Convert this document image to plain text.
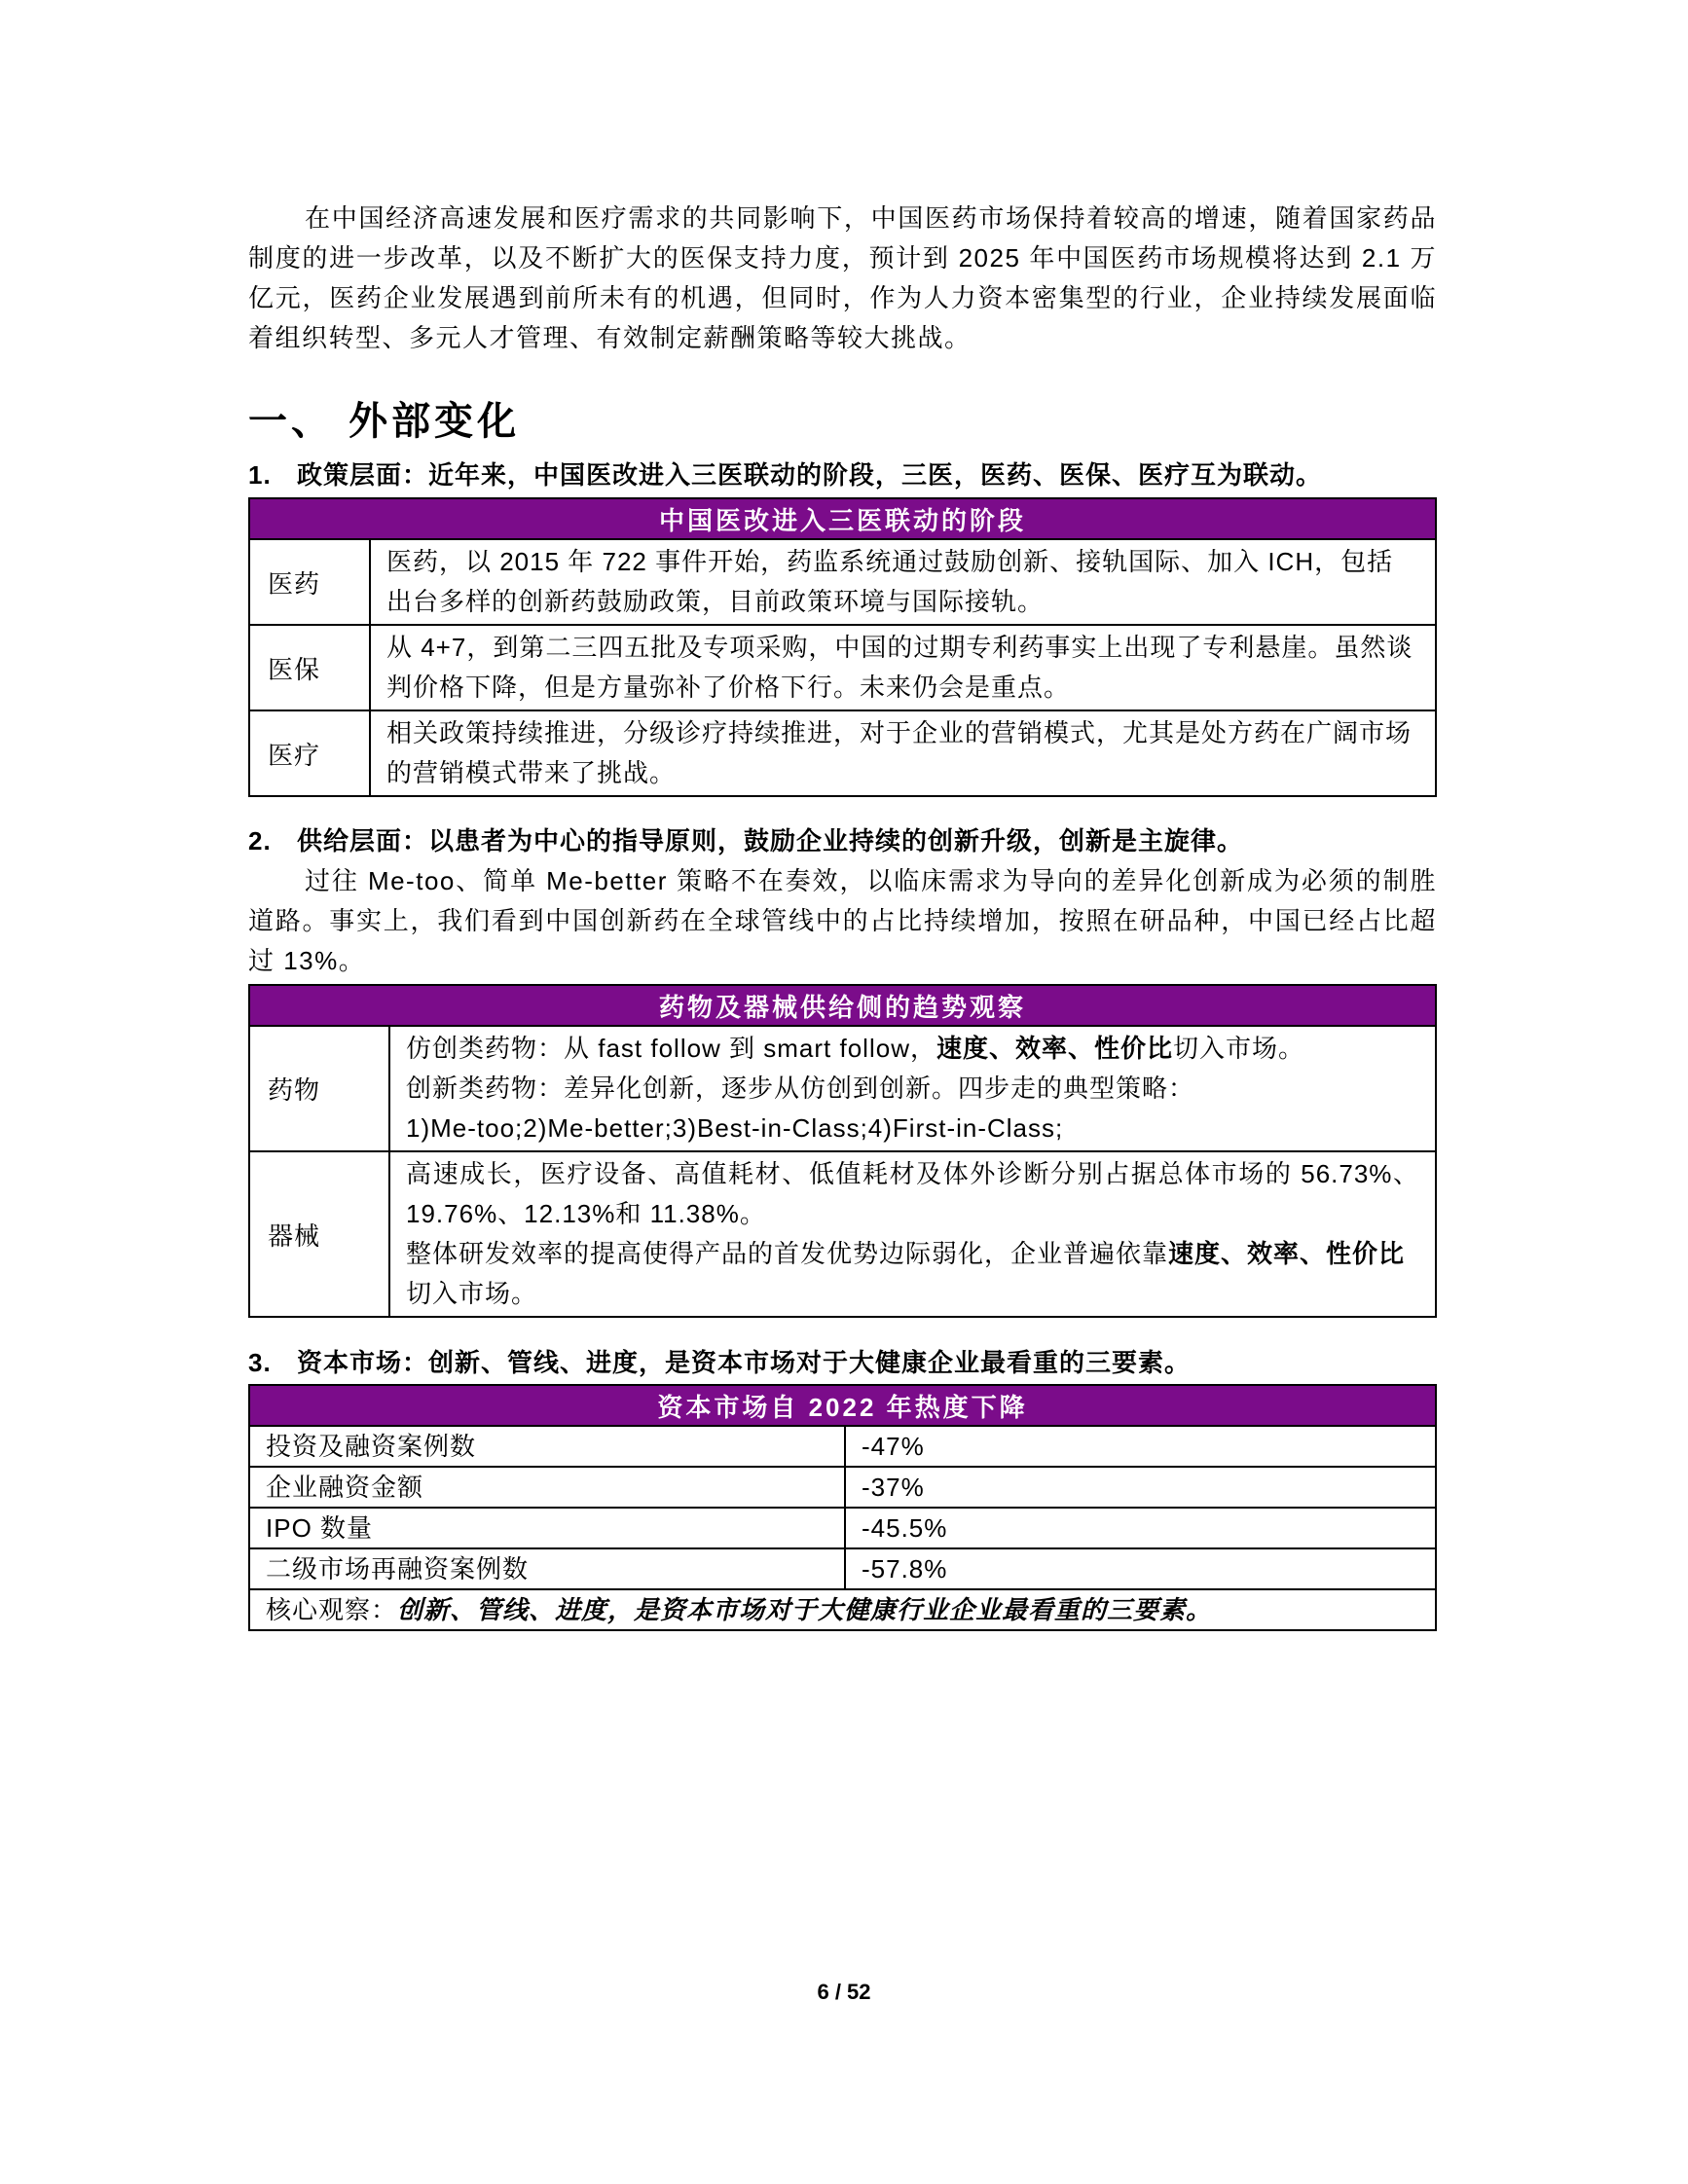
在中国经济高速发展和医疗需求的共同影响下，中国医药市场保持着较高的增速，随着国家药品制度的进一步改革，以及不断扩大的医保支持力度，预计到 2025 年中国医药市场规模将达到 2.1 万亿元，医药企业发展遇到前所未有的机遇，但同时，作为人力资本密集型的行业，企业持续发展面临着组织转型、多元人才管理、有效制定薪酬策略等较大挑战。
一、 外部变化
1. 政策层面：近年来，中国医改进入三医联动的阶段，三医，医药、医保、医疗互为联动。
中国医改进入三医联动的阶段	
医药	医药，以 2015 年 722 事件开始，药监系统通过鼓励创新、接轨国际、加入 ICH，包括出台多样的创新药鼓励政策，目前政策环境与国际接轨。
医保	从 4+7，到第二三四五批及专项采购，中国的过期专利药事实上出现了专利悬崖。虽然谈判价格下降，但是方量弥补了价格下行。未来仍会是重点。
医疗	相关政策持续推进，分级诊疗持续推进，对于企业的营销模式，尤其是处方药在广阔市场的营销模式带来了挑战。
2. 供给层面：以患者为中心的指导原则，鼓励企业持续的创新升级，创新是主旋律。
过往 Me-too、简单 Me-better 策略不在奏效，以临床需求为导向的差异化创新成为必须的制胜道路。事实上，我们看到中国创新药在全球管线中的占比持续增加，按照在研品种，中国已经占比超过 13%。
药物及器械供给侧的趋势观察	
药物	仿创类药物：从 fast follow 到 smart follow，速度、效率、性价比切入市场。
创新类药物：差异化创新，逐步从仿创到创新。四步走的典型策略：
1)Me-too;2)Me-better;3)Best-in-Class;4)First-in-Class;

器械	高速成长，医疗设备、高值耗材、低值耗材及体外诊断分别占据总体市场的 56.73%、19.76%、12.13%和 11.38%。
整体研发效率的提高使得产品的首发优势边际弱化，企业普遍依靠速度、效率、性价比切入市场。
3. 资本市场：创新、管线、进度，是资本市场对于大健康企业最看重的三要素。
资本市场自 2022 年热度下降	
投资及融资案例数	-47%
企业融资金额	-37%
IPO 数量	-45.5%
二级市场再融资案例数	-57.8%
核心观察：创新、管线、进度，是资本市场对于大健康行业企业最看重的三要素。	
6 / 52
